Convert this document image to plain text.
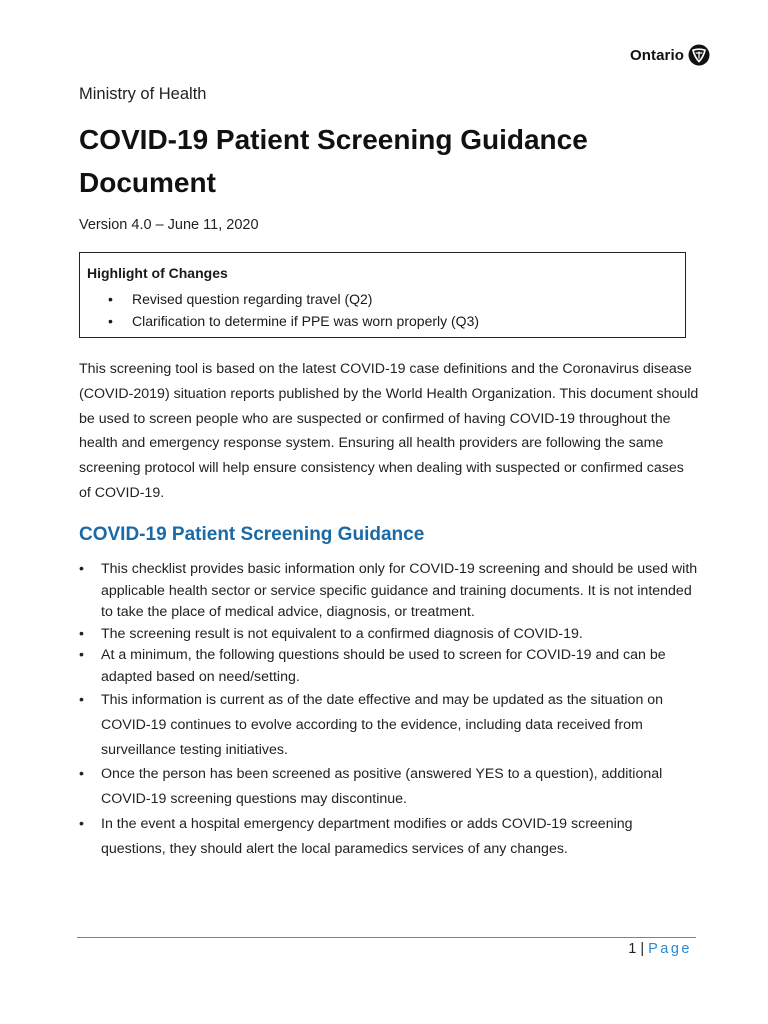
Ontario
Ministry of Health
COVID-19 Patient Screening Guidance Document
Version 4.0 – June 11, 2020
Highlight of Changes
• Revised question regarding travel (Q2)
• Clarification to determine if PPE was worn properly (Q3)

This screening tool is based on the latest COVID-19 case definitions and the Coronavirus disease (COVID-2019) situation reports published by the World Health Organization. This document should be used to screen people who are suspected or confirmed of having COVID-19 throughout the health and emergency response system. Ensuring all health providers are following the same screening protocol will help ensure consistency when dealing with suspected or confirmed cases of COVID-19.

COVID-19 Patient Screening Guidance
• This checklist provides basic information only for COVID-19 screening and should be used with applicable health sector or service specific guidance and training documents. It is not intended to take the place of medical advice, diagnosis, or treatment.
• The screening result is not equivalent to a confirmed diagnosis of COVID-19.
• At a minimum, the following questions should be used to screen for COVID-19 and can be adapted based on need/setting.
• This information is current as of the date effective and may be updated as the situation on COVID-19 continues to evolve according to the evidence, including data received from surveillance testing initiatives.
• Once the person has been screened as positive (answered YES to a question), additional COVID-19 screening questions may discontinue.
• In the event a hospital emergency department modifies or adds COVID-19 screening questions, they should alert the local paramedics services of any changes.
1 | Page
